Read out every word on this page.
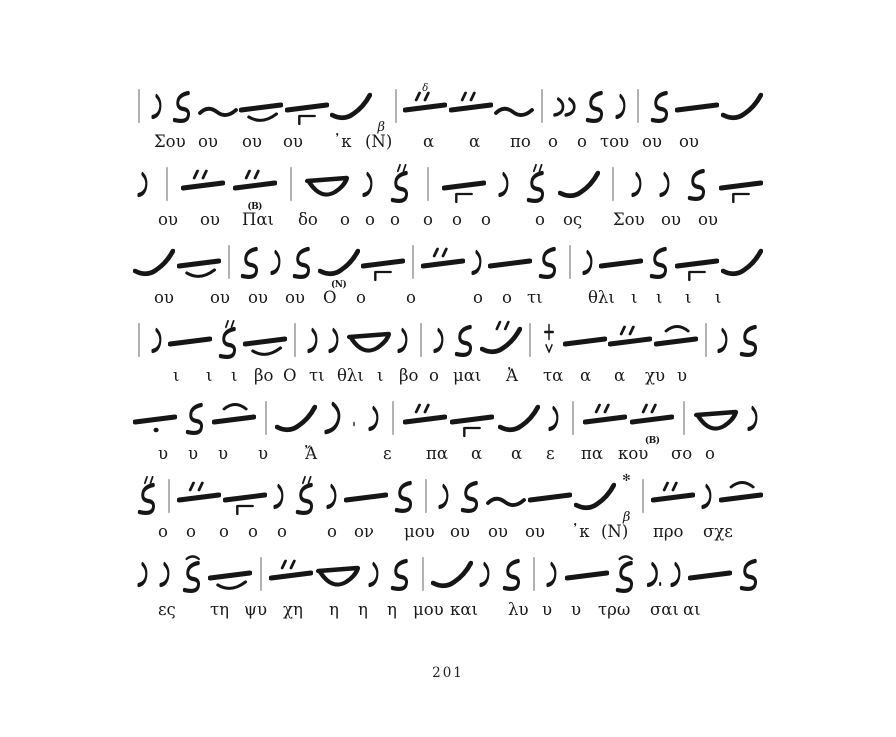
β
δ
Σου ου ου ου ᾿κ (Ν) α α πο ο ο του ου ου
(Β)
ου ου Παι δο ο ο ο ο ο ο	ο ος Σου ου ου
(Ν)
ου ου ου ου Ο ο ο	ο ο τι	θλι ι ι ι ι
ι ι ι βο Ο τι θλι ι βο ο μαι Ἀ τα α α χυ υ
(Β)
υ υ υ υ Ἄ	ε πα α α ε πα κου σο ο
✻
β
ο ο ο ο ο ο ον μου ου ου ου ᾿κ (Ν) προ σχε
ες τη ψυ χη η η η μου και λυ υ υ τρω σαι αι
201
